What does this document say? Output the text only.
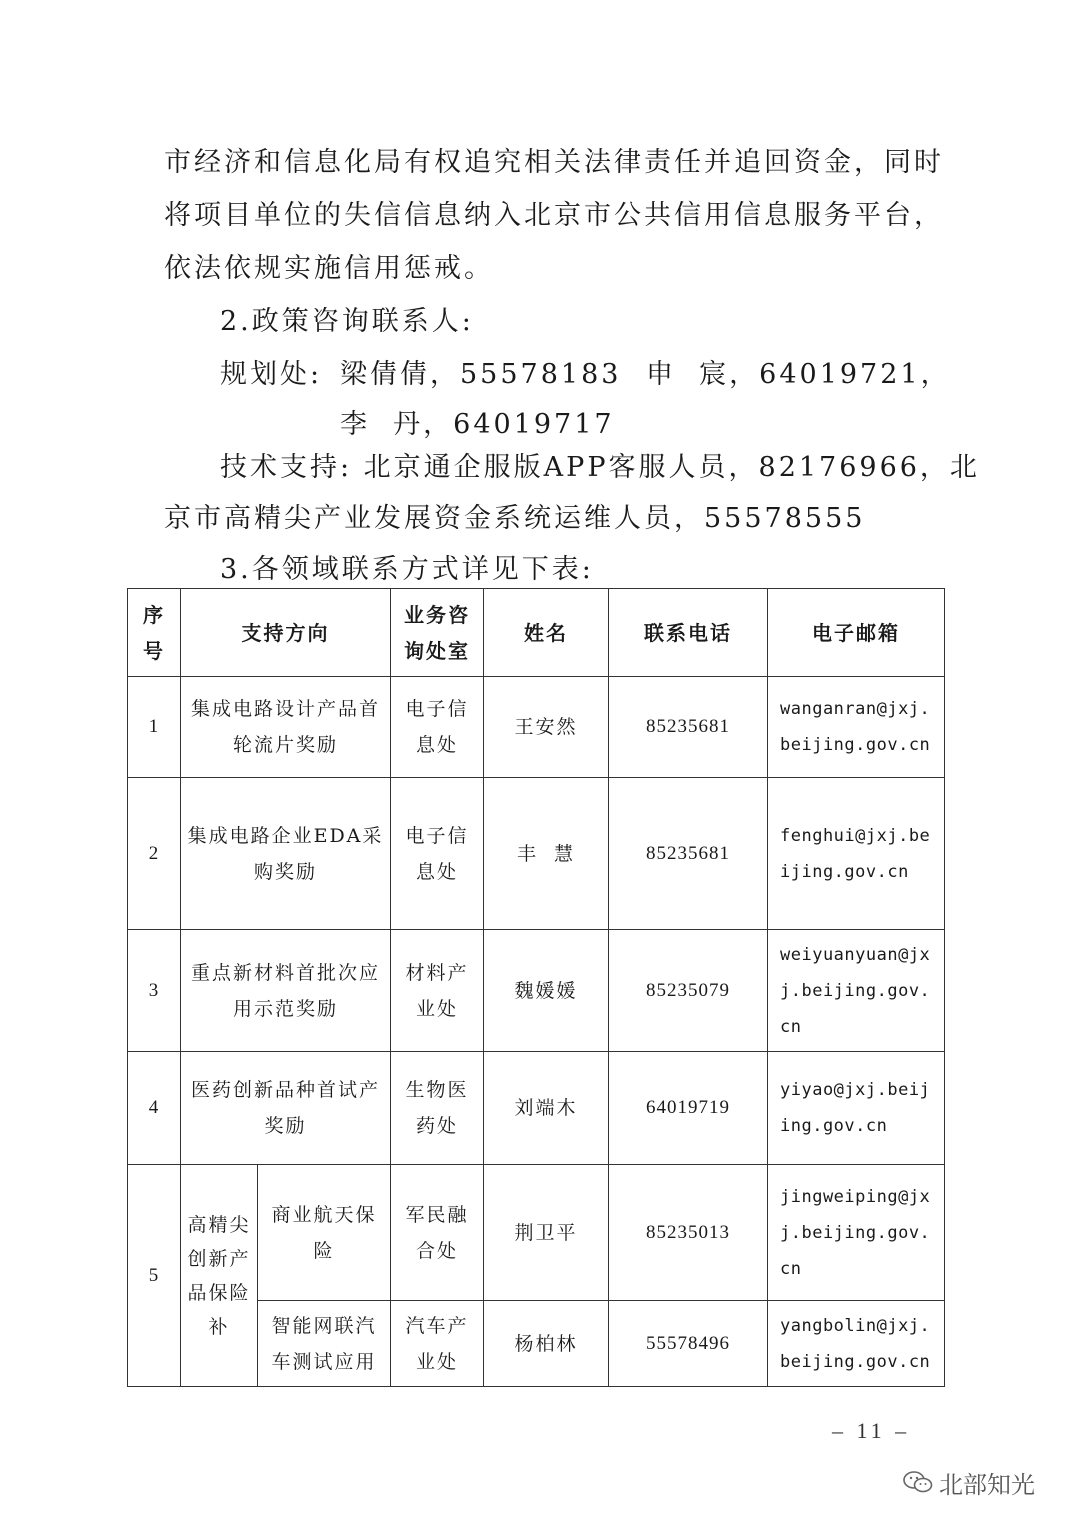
市经济和信息化局有权追究相关法律责任并追回资金，同时

将项目单位的失信信息纳入北京市公共信用信息服务平台，

依法依规实施信用惩戒。

2.政策咨询联系人:

规划处: 梁倩倩，55578183 申  宸，64019721，
李  丹，64019717

技术支持: 北京通企服版APP客服人员，82176966，北

京市高精尖产业发展资金系统运维人员，55578555

3.各领域联系方式详见下表:

序号	支持方向		业务咨询处室	姓名	联系电话	电子邮箱
1	集成电路设计产品首轮流片奖励		电子信息处	王安然	85235681	wanganran@jxj.beijing.gov.cn
2	集成电路企业EDA采购奖励		电子信息处	丰  慧	85235681	fenghui@jxj.beijing.gov.cn
3	重点新材料首批次应用示范奖励		材料产业处	魏媛媛	85235079	weiyuanyuan@jxj.beijing.gov.cn
4	医药创新品种首试产奖励		生物医药处	刘端木	64019719	yiyao@jxj.beijing.gov.cn
5	高精尖创新产品保险补	商业航天保险	军民融合处	荆卫平	85235013	jingweiping@jxj.beijing.gov.cn
		智能网联汽车测试应用	汽车产业处	杨柏林	55578496	yangbolin@jxj.beijing.gov.cn
– 11 –
北部知光
